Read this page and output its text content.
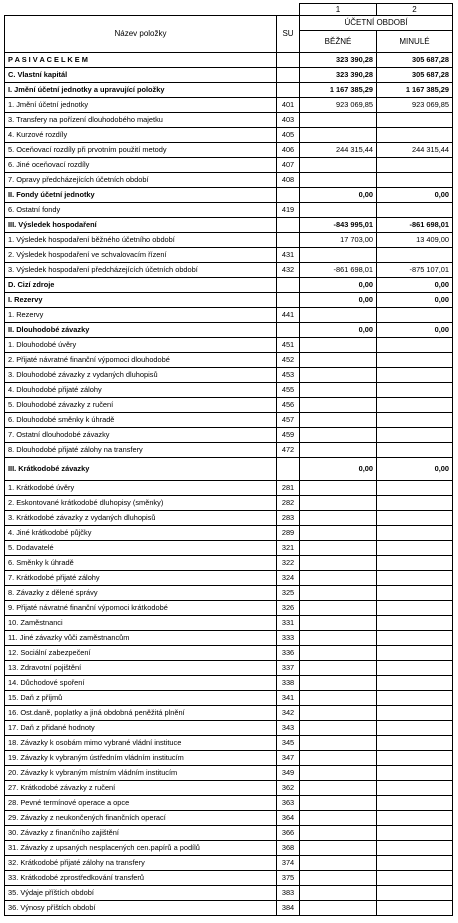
		1	2
Název položky	SU	ÚČETNÍ OBDOBÍ	
		BĚŽNÉ	MINULÉ
P A S I V A C E L K E M		323 390,28	305 687,28
C. Vlastní kapitál		323 390,28	305 687,28
I. Jmění účetní jednotky a upravující položky		1 167 385,29	1 167 385,29
1. Jmění účetní jednotky	401	923 069,85	923 069,85
3. Transfery na pořízení dlouhodobého majetku	403		
4. Kurzové rozdíly	405		
5. Oceňovací rozdíly při prvotním použití metody	406	244 315,44	244 315,44
6. Jiné oceňovací rozdíly	407		
7. Opravy předcházejících účetních období	408		
II. Fondy účetní jednotky		0,00	0,00
6. Ostatní fondy	419		
III. Výsledek hospodaření		-843 995,01	-861 698,01
1. Výsledek hospodaření běžného účetního období		17 703,00	13 409,00
2. Výsledek hospodaření ve schvalovacím řízení	431		
3. Výsledek hospodaření předcházejících účetních období	432	-861 698,01	-875 107,01
D. Cizí zdroje		0,00	0,00
I. Rezervy		0,00	0,00
1. Rezervy	441		
II. Dlouhodobé závazky		0,00	0,00
1. Dlouhodobé úvěry	451		
2. Přijaté návratné finanční výpomoci dlouhodobé	452		
3. Dlouhodobé závazky z vydaných dluhopisů	453		
4. Dlouhodobé přijaté zálohy	455		
5. Dlouhodobé závazky z ručení	456		
6. Dlouhodobé směnky k úhradě	457		
7. Ostatní dlouhodobé závazky	459		
8. Dlouhodobé přijaté zálohy na transfery	472		
III. Krátkodobé závazky		0,00	0,00
1. Krátkodobé úvěry	281		
2. Eskontované krátkodobé dluhopisy (směnky)	282		
3. Krátkodobé závazky z vydaných dluhopisů	283		
4. Jiné krátkodobé půjčky	289		
5. Dodavatelé	321		
6. Směnky k úhradě	322		
7. Krátkodobé přijaté zálohy	324		
8. Závazky z dělené správy	325		
9. Přijaté návratné finanční výpomoci krátkodobé	326		
10. Zaměstnanci	331		
11. Jiné závazky vůči zaměstnancům	333		
12. Sociální zabezpečení	336		
13. Zdravotní pojištění	337		
14. Důchodové spoření	338		
15. Daň z příjmů	341		
16. Ost.daně, poplatky a jiná obdobná peněžitá plnění	342		
17. Daň z přidané hodnoty	343		
18. Závazky k osobám mimo vybrané vládní instituce	345		
19. Závazky k vybraným ústředním vládním institucím	347		
20. Závazky k vybraným místním vládním institucím	349		
27. Krátkodobé závazky z ručení	362		
28. Pevné termínové operace a opce	363		
29. Závazky z neukončených finančních operací	364		
30. Závazky z finančního zajištění	366		
31. Závazky z upsaných nesplacených cen.papírů a podílů	368		
32. Krátkodobé přijaté zálohy na transfery	374		
33. Krátkodobé zprostředkování transferů	375		
35. Výdaje příštích období	383		
36. Výnosy příštích období	384		
